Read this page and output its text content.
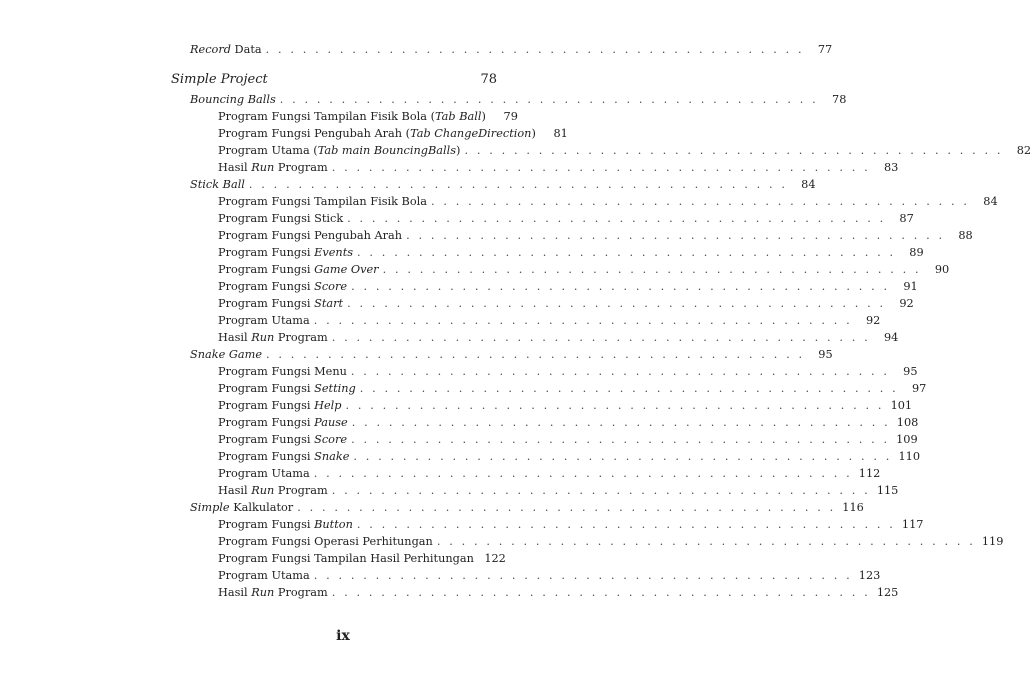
Record Data . . . . . . . . . . . . . . . . . . . . . . . . . . . . . . . . . . . . . . . . . . . .	77
Simple Project	78
Bouncing Balls . . . . . . . . . . . . . . . . . . . . . . . . . . . . . . . . . . . . . . . . . . . .	78
Program Fungsi Tampilan Fisik Bola (Tab Ball)	79
Program Fungsi Pengubah Arah (Tab ChangeDirection)	81
Program Utama (Tab main BouncingBalls) . . . . . . . . . . . . . . . . . . . . . . . . . . . . . . . . . . . . . . . . . . . .	82
Hasil Run Program . . . . . . . . . . . . . . . . . . . . . . . . . . . . . . . . . . . . . . . . . . . .	83
Stick Ball . . . . . . . . . . . . . . . . . . . . . . . . . . . . . . . . . . . . . . . . . . . .	84
Program Fungsi Tampilan Fisik Bola . . . . . . . . . . . . . . . . . . . . . . . . . . . . . . . . . . . . . . . . . . . .	84
Program Fungsi Stick . . . . . . . . . . . . . . . . . . . . . . . . . . . . . . . . . . . . . . . . . . . .	87
Program Fungsi Pengubah Arah . . . . . . . . . . . . . . . . . . . . . . . . . . . . . . . . . . . . . . . . . . . .	88
Program Fungsi Events . . . . . . . . . . . . . . . . . . . . . . . . . . . . . . . . . . . . . . . . . . . .	89
Program Fungsi Game Over . . . . . . . . . . . . . . . . . . . . . . . . . . . . . . . . . . . . . . . . . . . .	90
Program Fungsi Score . . . . . . . . . . . . . . . . . . . . . . . . . . . . . . . . . . . . . . . . . . . .	91
Program Fungsi Start . . . . . . . . . . . . . . . . . . . . . . . . . . . . . . . . . . . . . . . . . . . .	92
Program Utama . . . . . . . . . . . . . . . . . . . . . . . . . . . . . . . . . . . . . . . . . . . .	92
Hasil Run Program . . . . . . . . . . . . . . . . . . . . . . . . . . . . . . . . . . . . . . . . . . . .	94
Snake Game . . . . . . . . . . . . . . . . . . . . . . . . . . . . . . . . . . . . . . . . . . . .	95
Program Fungsi Menu . . . . . . . . . . . . . . . . . . . . . . . . . . . . . . . . . . . . . . . . . . . .	95
Program Fungsi Setting . . . . . . . . . . . . . . . . . . . . . . . . . . . . . . . . . . . . . . . . . . . .	97
Program Fungsi Help . . . . . . . . . . . . . . . . . . . . . . . . . . . . . . . . . . . . . . . . . . . . 101
Program Fungsi Pause . . . . . . . . . . . . . . . . . . . . . . . . . . . . . . . . . . . . . . . . . . . . 108
Program Fungsi Score . . . . . . . . . . . . . . . . . . . . . . . . . . . . . . . . . . . . . . . . . . . . 109
Program Fungsi Snake . . . . . . . . . . . . . . . . . . . . . . . . . . . . . . . . . . . . . . . . . . . . 110
Program Utama . . . . . . . . . . . . . . . . . . . . . . . . . . . . . . . . . . . . . . . . . . . . 112
Hasil Run Program . . . . . . . . . . . . . . . . . . . . . . . . . . . . . . . . . . . . . . . . . . . . 115
Simple Kalkulator . . . . . . . . . . . . . . . . . . . . . . . . . . . . . . . . . . . . . . . . . . . . 116
Program Fungsi Button . . . . . . . . . . . . . . . . . . . . . . . . . . . . . . . . . . . . . . . . . . . . 117
Program Fungsi Operasi Perhitungan . . . . . . . . . . . . . . . . . . . . . . . . . . . . . . . . . . . . . . . . . . . . 119
Program Fungsi Tampilan Hasil Perhitungan 122
Program Utama . . . . . . . . . . . . . . . . . . . . . . . . . . . . . . . . . . . . . . . . . . . . 123
Hasil Run Program . . . . . . . . . . . . . . . . . . . . . . . . . . . . . . . . . . . . . . . . . . . . 125
ix
